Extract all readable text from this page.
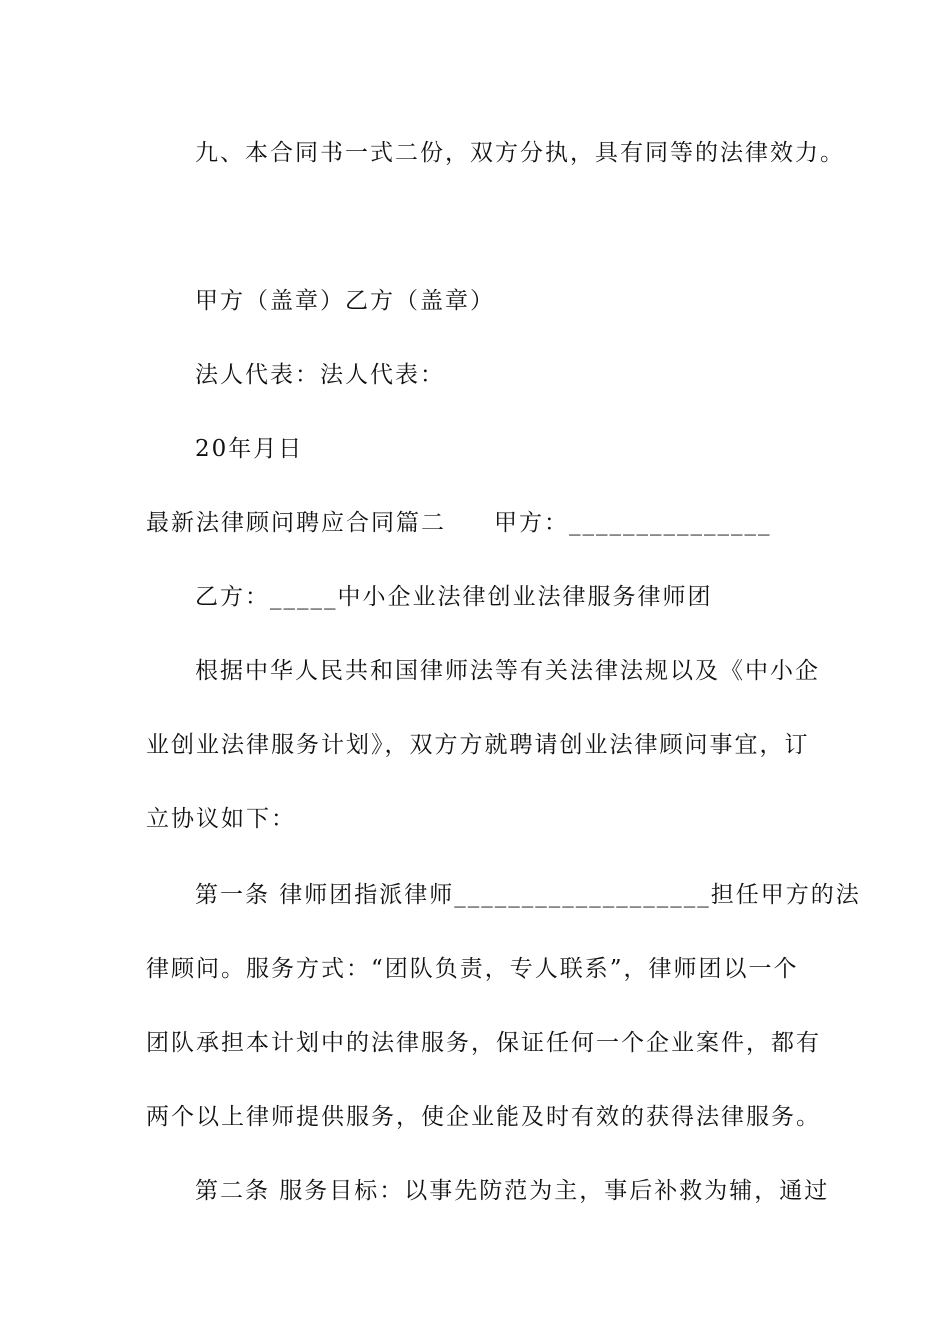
九、本合同书一式二份，双方分执，具有同等的法律效力。
甲方（盖章）乙方（盖章）
法人代表：法人代表：
20年月日
最新法律顾问聘应合同篇二 甲方：_______________
乙方：_____中小企业法律创业法律服务律师团
根据中华人民共和国律师法等有关法律法规以及《中小企
业创业法律服务计划》，双方方就聘请创业法律顾问事宜，订
立协议如下：
第一条 律师团指派律师___________________担任甲方的法
律顾问。服务方式：“团队负责，专人联系”，律师团以一个
团队承担本计划中的法律服务，保证任何一个企业案件，都有
两个以上律师提供服务，使企业能及时有效的获得法律服务。
第二条 服务目标：以事先防范为主，事后补救为辅，通过
